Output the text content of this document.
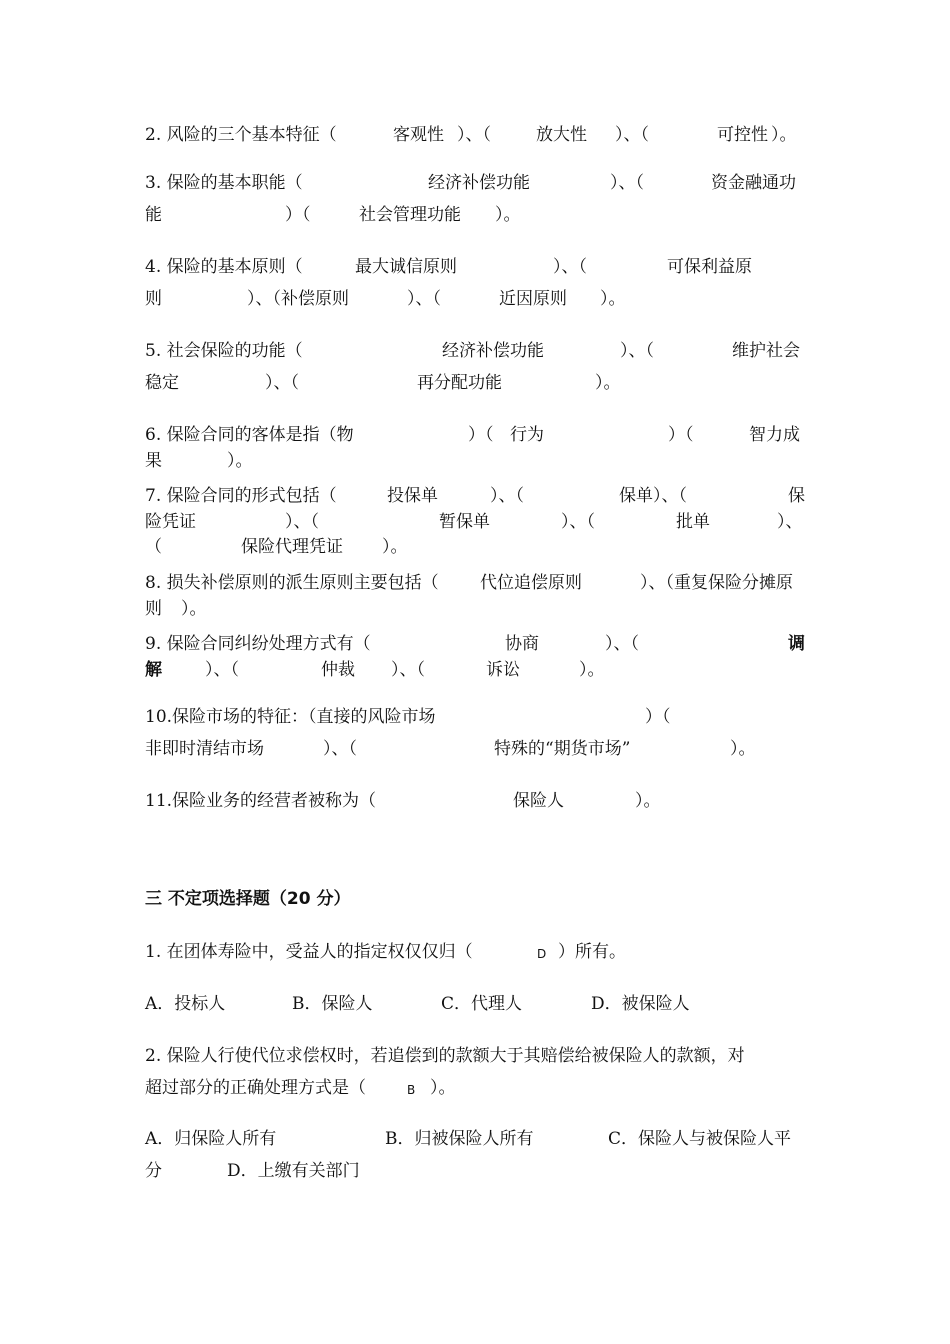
2. 风险的三个基本特征（

	客观性

）、（

	放大性

）、（

	可控性

）。

3. 保险的基本职能（

	经济补偿功能

	）、（

	资金融通功

能

	）（

	社会管理功能

）。

4. 保险的基本原则（

	最大诚信原则

	）、（

	可保利益原

则

	）、（补偿原则

	）、（

	近因原则

）。

5. 社会保险的功能（

	经济补偿功能

	）、（

	维护社会

稳定

	）、（

	再分配功能

	）。

6. 保险合同的客体是指（物

	）（

行为

	）（

	智力成

果

	）。

7. 保险合同的形式包括（

	投保单

	）、（

	保单）、（

	保

险凭证

	）、（

	暂保单

	）、（

	批单

	）、

（

	保险代理凭证

）。

8. 损失补偿原则的派生原则主要包括（

代位追偿原则

	）、（重复保险分摊原

则

）。

9. 保险合同纠纷处理方式有（

	协商

	）、（

	调

解

	）、（

	仲裁

）、（

	诉讼

	）。

10.保险市场的特征：（直接的风险市场

	）（

非即时清结市场

	）、（

	特殊的“期货市场”

	）。

11.保险业务的经营者被称为（

	保险人

	）。

三 不定项选择题（20 分）

1. 在团体寿险中，受益人的指定权仅仅归（

	D

）所有。

A．投标人

	B．保险人

	C．代理人

	D．被保险人

2. 保险人行使代位求偿权时，若追偿到的款额大于其赔偿给被保险人的款额，对

超过部分的正确处理方式是（

	B

）。

A．归保险人所有

	B．归被保险人所有

	C．保险人与被保险人平

分

	D．上缴有关部门
